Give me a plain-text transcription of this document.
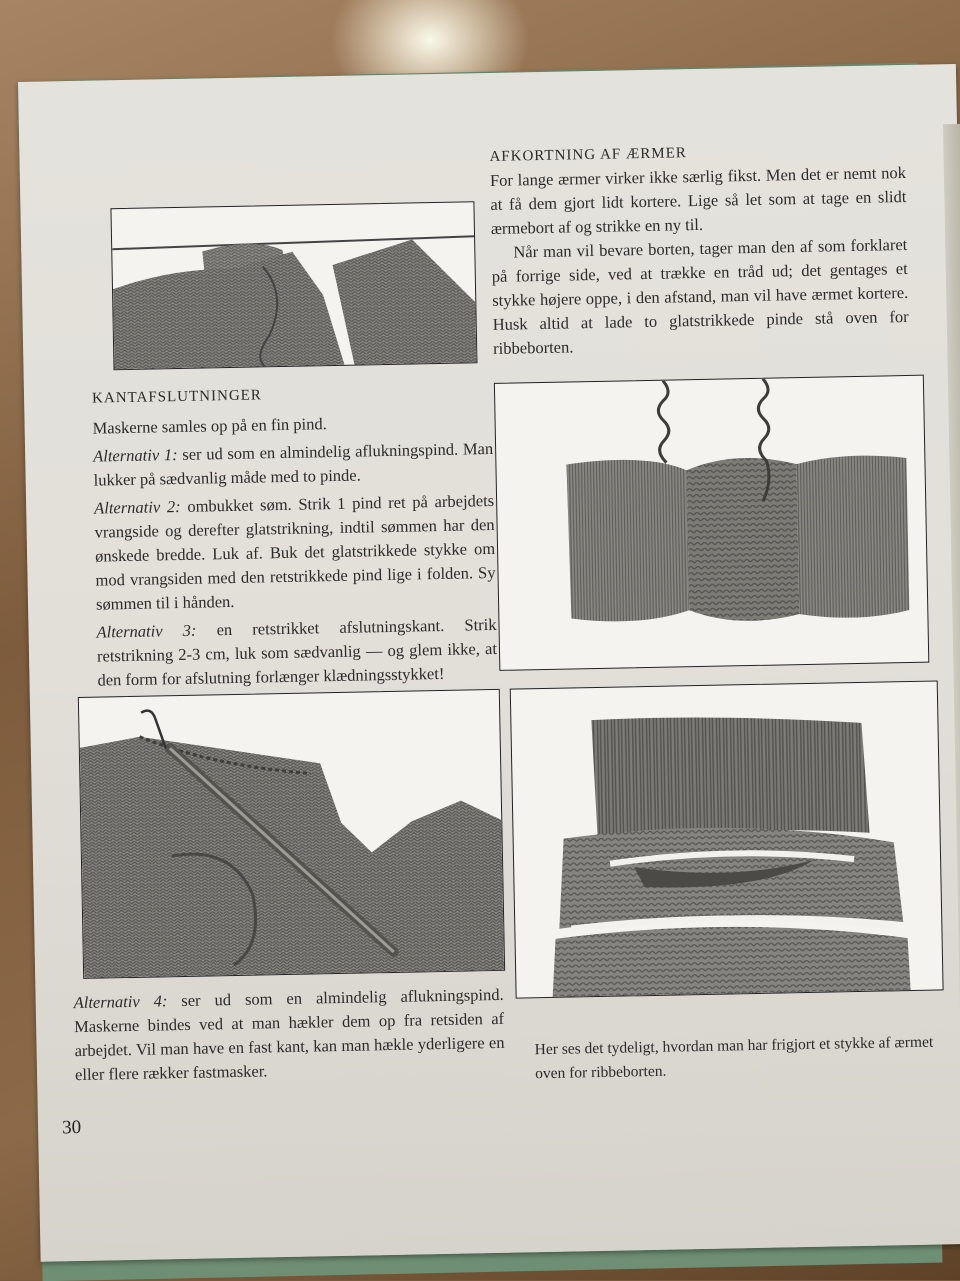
AFKORTNING AF ÆRMER
For lange ærmer virker ikke særlig fikst. Men det er nemt nok at få dem gjort lidt kortere. Lige så let som at tage en slidt ærmebort af og strikke en ny til.
Når man vil bevare borten, tager man den af som forklaret på forrige side, ved at trække en tråd ud; det gentages et stykke højere oppe, i den afstand, man vil have ærmet kortere. Husk altid at lade to glatstrikkede pinde stå oven for ribbeborten.
KANTAFSLUTNINGER
Maskerne samles op på en fin pind.
Alternativ 1: ser ud som en almindelig aflukningspind. Man lukker på sædvanlig måde med to pinde.
Alternativ 2: ombukket søm. Strik 1 pind ret på arbejdets vrangside og derefter glatstrikning, indtil sømmen har den ønskede bredde. Luk af. Buk det glatstrikkede stykke om mod vrangsiden med den retstrikkede pind lige i folden. Sy sømmen til i hånden.
Alternativ 3: en retstrikket afslutningskant. Strik retstrikning 2-3 cm, luk som sædvanlig — og glem ikke, at den form for afslutning forlænger klædningsstykket!
Alternativ 4: ser ud som en almindelig aflukningspind. Maskerne bindes ved at man hækler dem op fra retsiden af arbejdet. Vil man have en fast kant, kan man hækle yderligere en eller flere rækker fastmasker.
Her ses det tydeligt, hvordan man har frigjort et stykke af ærmet oven for ribbeborten.
30
